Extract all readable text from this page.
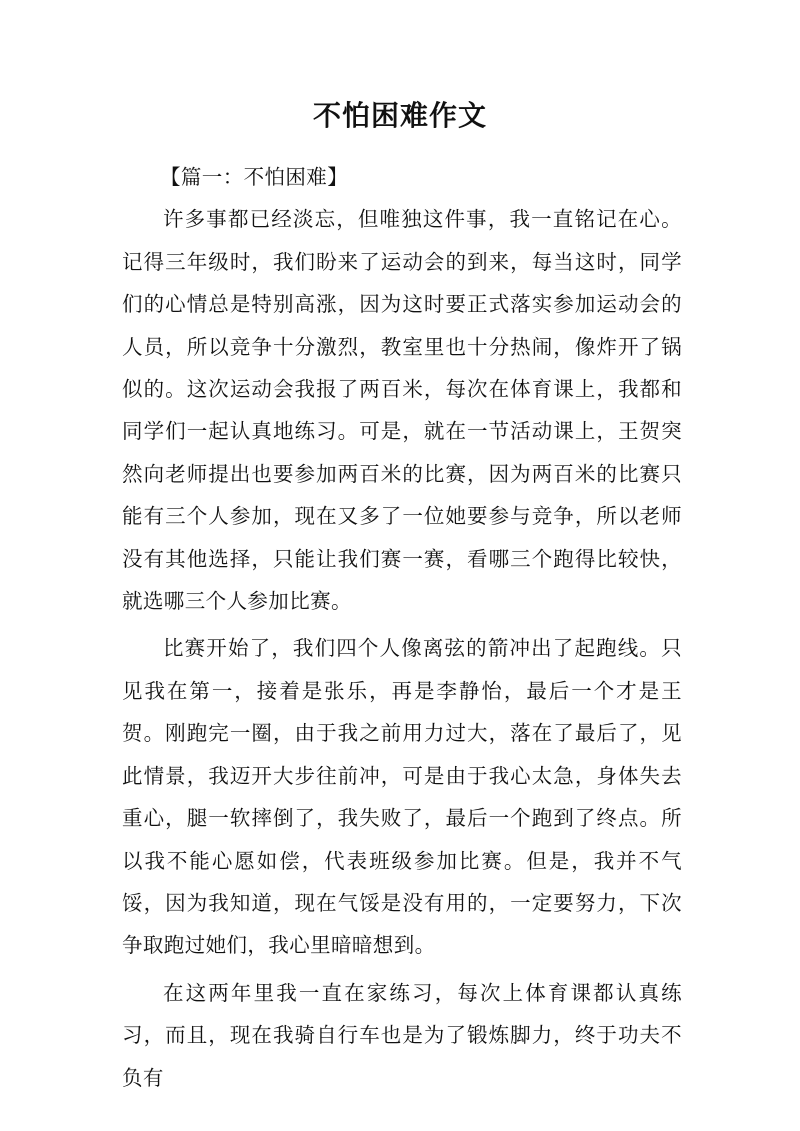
不怕困难作文

【篇一：不怕困难】

许多事都已经淡忘，但唯独这件事，我一直铭记在心。记得三年级时，我们盼来了运动会的到来，每当这时，同学们的心情总是特别高涨，因为这时要正式落实参加运动会的人员，所以竞争十分激烈，教室里也十分热闹，像炸开了锅似的。这次运动会我报了两百米，每次在体育课上，我都和同学们一起认真地练习。可是，就在一节活动课上，王贺突然向老师提出也要参加两百米的比赛，因为两百米的比赛只能有三个人参加，现在又多了一位她要参与竞争，所以老师没有其他选择，只能让我们赛一赛，看哪三个跑得比较快，就选哪三个人参加比赛。

比赛开始了，我们四个人像离弦的箭冲出了起跑线。只见我在第一，接着是张乐，再是李静怡，最后一个才是王贺。刚跑完一圈，由于我之前用力过大，落在了最后了，见此情景，我迈开大步往前冲，可是由于我心太急，身体失去重心，腿一软摔倒了，我失败了，最后一个跑到了终点。所以我不能心愿如偿，代表班级参加比赛。但是，我并不气馁，因为我知道，现在气馁是没有用的，一定要努力，下次争取跑过她们，我心里暗暗想到。

在这两年里我一直在家练习，每次上体育课都认真练习，而且，现在我骑自行车也是为了锻炼脚力，终于功夫不负有
